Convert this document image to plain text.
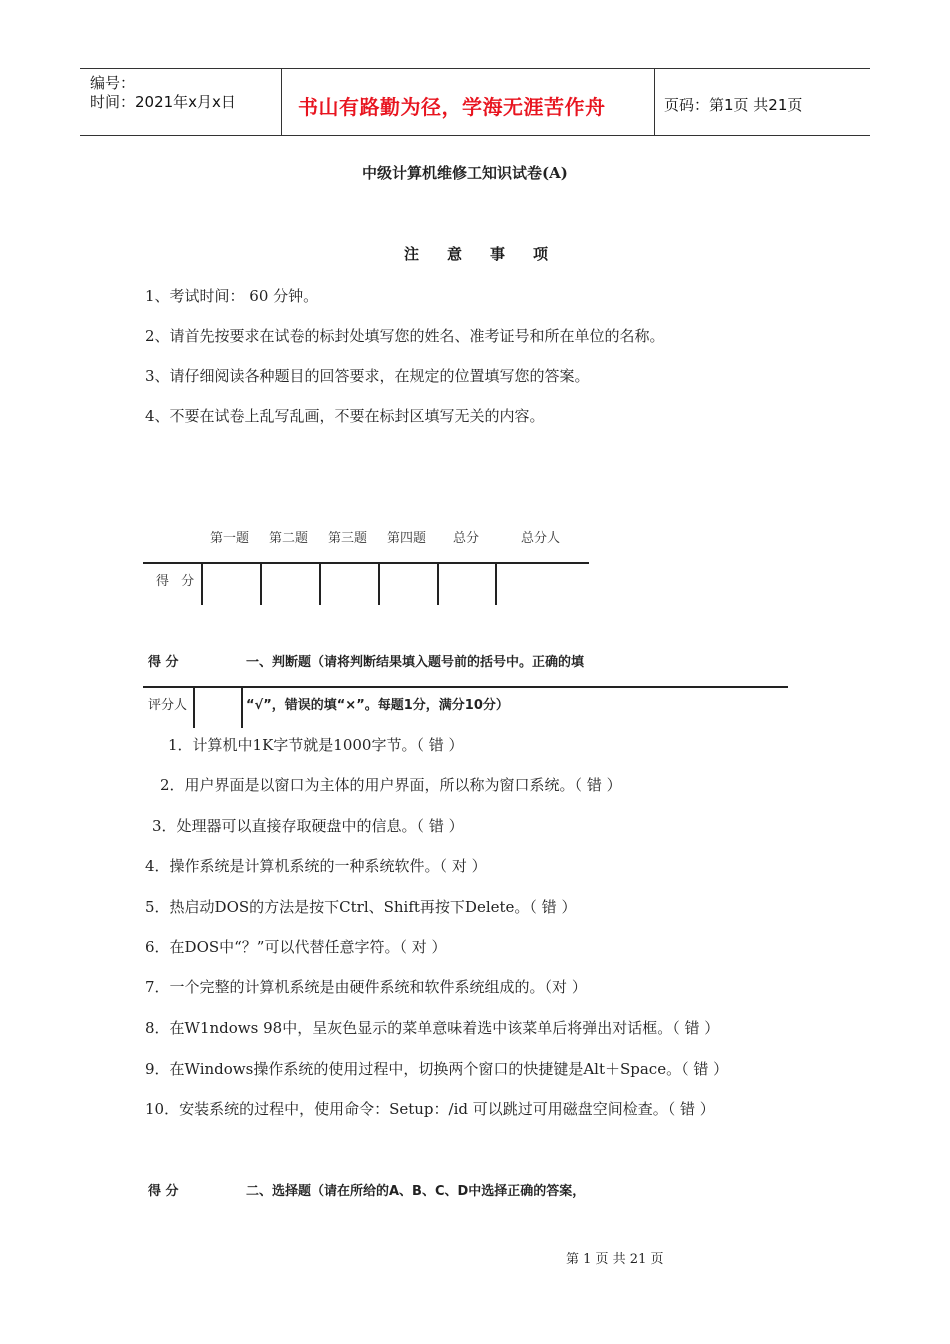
编号：
时间：2021年x月x日	书山有路勤为径，学海无涯苦作舟	页码：第1页 共21页
中级计算机维修工知识试卷(A)
注意事项
1、考试时间： 60 分钟。
2、请首先按要求在试卷的标封处填写您的姓名、准考证号和所在单位的名称。
3、请仔细阅读各种题目的回答要求，在规定的位置填写您的答案。
4、不要在试卷上乱写乱画，不要在标封区填写无关的内容。
第一题 第二题 第三题 第四题 总分	总分人
得 分
得 分	一、判断题（请将判断结果填入题号前的括号中。正确的填
评分人	“√”，错误的填“×”。每题1分，满分10分）
1．计算机中1K字节就是1000字节。（ 错 ）
2．用户界面是以窗口为主体的用户界面，所以称为窗口系统。（ 错 ）
3．处理器可以直接存取硬盘中的信息。（ 错 ）
4．操作系统是计算机系统的一种系统软件。（ 对 ）
5．热启动DOS的方法是按下Ctrl、Shift再按下Delete。（ 错 ）
6．在DOS中“？”可以代替任意字符。（ 对 ）
7．一个完整的计算机系统是由硬件系统和软件系统组成的。（对 ）
8．在W1ndows 98中，呈灰色显示的菜单意味着选中该菜单后将弹出对话框。（ 错 ）
9．在Windows操作系统的使用过程中，切换两个窗口的快捷键是Alt＋Space。（ 错 ）
10．安装系统的过程中，使用命令：Setup：/id 可以跳过可用磁盘空间检查。（ 错 ）
得 分	二、选择题（请在所给的A、B、C、D中选择正确的答案，
第 1 页 共 21 页
